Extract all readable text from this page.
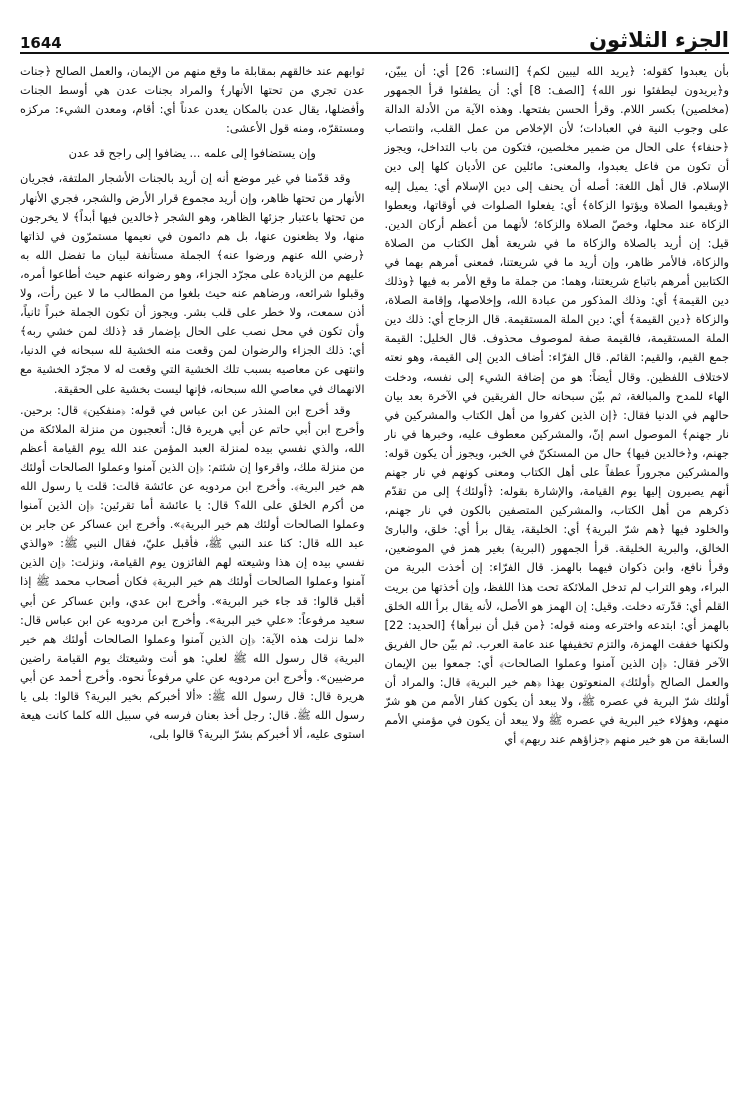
1644	الجزء الثلاثون

بأن يعبدوا كقوله: ﴿يريد الله ليبين لكم﴾ [النساء: 26] أي: أن يبيّن، و﴿يريدون ليطفئوا نور الله﴾ [الصف: 8] أي: أن يطفئوا قرأ الجمهور (مخلصين) بكسر اللام. وقرأ الحسن بفتحها. وهذه الآية من الأدلة الدالة على وجوب النية في العبادات؛ لأن الإخلاص من عمل القلب، وانتصاب ﴿حنفاء﴾ على الحال من ضمير مخلصين، فتكون من باب التداخل، ويجوز أن تكون من فاعل يعبدوا، والمعنى: مائلين عن الأديان كلها إلى دين الإسلام. قال أهل اللغة: أصله أن يحنف إلى دين الإسلام أي: يميل إليه ﴿ويقيموا الصلاة ويؤتوا الزكاة﴾ أي: يفعلوا الصلوات في أوقاتها، ويعطوا الزكاة عند محلها، وخصّ الصلاة والزكاة؛ لأنهما من أعظم أركان الدين. قيل: إن أريد بالصلاة والزكاة ما في شريعة أهل الكتاب من الصلاة والزكاة، فالأمر ظاهر، وإن أريد ما في شريعتنا، فمعنى أمرهم بهما في الكتابين أمرهم باتباع شريعتنا، وهما: من جملة ما وقع الأمر به فيها ﴿وذلك دين القيمة﴾ أي: وذلك المذكور من عبادة الله، وإخلاصها، وإقامة الصلاة، والزكاة ﴿دين القيمة﴾ أي: دين الملة المستقيمة. قال الزجاج أي: ذلك دين الملة المستقيمة، فالقيمة صفة لموصوف محذوف. قال الخليل: القيمة جمع القيم، والقيم: القائم. قال الفرّاء: أضاف الدين إلى القيمة، وهو نعته لاختلاف اللفظين. وقال أيضاً: هو من إضافة الشيء إلى نفسه، ودخلت الهاء للمدح والمبالغة، ثم بيّن سبحانه حال الفريقين في الآخرة بعد بيان حالهم في الدنيا فقال: ﴿إن الذين كفروا من أهل الكتاب والمشركين في نار جهنم﴾ الموصول اسم إنّ، والمشركين معطوف عليه، وخبرها في نار جهنم، و﴿خالدين فيها﴾ حال من المستكنّ في الخبر، ويجوز أن يكون قوله: والمشركين مجروراً عطفاً على أهل الكتاب ومعنى كونهم في نار جهنم أنهم يصيرون إليها يوم القيامة، والإشارة بقوله: ﴿أولئك﴾ إلى من تقدّم ذكرهم من أهل الكتاب، والمشركين المتصفين بالكون في نار جهنم، والخلود فيها ﴿هم شرّ البرية﴾ أي: الخليقة، يقال برأ أي: خلق، والبارئ الخالق، والبرية الخليقة. قرأ الجمهور (البرية) بغير همز في الموضعين، وقرأ نافع، وابن ذكوان فيهما بالهمز. قال الفرّاء: إن أخذت البرية من البراء، وهو التراب لم تدخل الملائكة تحت هذا اللفظ، وإن أخذتها من بريت القلم أي: قدّرته دخلت. وقيل: إن الهمز هو الأصل، لأنه يقال برأ الله الخلق بالهمز أي: ابتدعه واخترعه ومنه قوله: ﴿من قبل أن نبرأها﴾ [الحديد: 22] ولكنها خففت الهمزة، والتزم تخفيفها عند عامة العرب. ثم بيّن حال الفريق الآخر فقال: ﴿إن الذين آمنوا وعملوا الصالحات﴾ أي: جمعوا بين الإيمان والعمل الصالح ﴿أولئك﴾ المنعوتون بهذا ﴿هم خير البرية﴾ قال: والمراد أن أولئك شرّ البرية في عصره ﷺ، ولا يبعد أن يكون كفار الأمم من هو شرّ منهم، وهؤلاء خير البرية في عصره ﷺ ولا يبعد أن يكون في مؤمني الأمم السابقة من هو خير منهم ﴿جزاؤهم عند ربهم﴾ أي

ثوابهم عند خالقهم بمقابلة ما وقع منهم من الإيمان، والعمل الصالح ﴿جنات عدن تجري من تحتها الأنهار﴾ والمراد بجنات عدن هي أوسط الجنات وأفضلها، يقال عدن بالمكان يعدن عدناً أي: أقام، ومعدن الشيء: مركزه ومستقرّه، ومنه قول الأعشى:

وإن يستضافوا إلى علمه ... يضافوا إلى راجح قد عدن

وقد قدّمنا في غير موضع أنه إن أريد بالجنات الأشجار الملتفة، فجريان الأنهار من تحتها ظاهر، وإن أريد مجموع قرار الأرض والشجر، فجري الأنهار من تحتها باعتبار جزئها الظاهر، وهو الشجر ﴿خالدين فيها أبداً﴾ لا يخرجون منها، ولا يظعنون عنها، بل هم دائمون في نعيمها مستمرّون في لذاتها ﴿رضي الله عنهم ورضوا عنه﴾ الجملة مستأنفة لبيان ما تفضل الله به عليهم من الزيادة على مجرّد الجزاء، وهو رضوانه عنهم حيث أطاعوا أمره، وقبلوا شرائعه، ورضاهم عنه حيث بلغوا من المطالب ما لا عين رأت، ولا أذن سمعت، ولا خطر على قلب بشر. ويجوز أن تكون الجملة خبراً ثانياً، وأن تكون في محل نصب على الحال بإضمار قد ﴿ذلك لمن خشي ربه﴾ أي: ذلك الجزاء والرضوان لمن وقعت منه الخشية لله سبحانه في الدنيا، وانتهى عن معاصيه بسبب تلك الخشية التي وقعت له لا مجرّد الخشية مع الانهماك في معاصي الله سبحانه، فإنها ليست بخشية على الحقيقة.

وقد أخرج ابن المنذر عن ابن عباس في قوله: ﴿منفكين﴾ قال: برحين. وأخرج ابن أبي حاتم عن أبي هريرة قال: أتعجبون من منزلة الملائكة من الله، والذي نفسي بيده لمنزلة العبد المؤمن عند الله يوم القيامة أعظم من منزلة ملك، واقرءوا إن شئتم: ﴿إن الذين آمنوا وعملوا الصالحات أولئك هم خير البرية﴾. وأخرج ابن مردويه عن عائشة قالت: قلت يا رسول الله من أكرم الخلق على الله؟ قال: يا عائشة أما تقرئين: ﴿إن الذين آمنوا وعملوا الصالحات أولئك هم خير البرية﴾». وأخرج ابن عساكر عن جابر بن عبد الله قال: كنا عند النبي ﷺ، فأقبل عليّ، فقال النبي ﷺ: «والذي نفسي بيده إن هذا وشيعته لهم الفائزون يوم القيامة، ونزلت: ﴿إن الذين آمنوا وعملوا الصالحات أولئك هم خير البرية﴾ فكان أصحاب محمد ﷺ إذا أقبل قالوا: قد جاء خير البرية». وأخرج ابن عدي، وابن عساكر عن أبي سعيد مرفوعاً: «علي خير البرية». وأخرج ابن مردويه عن ابن عباس قال: «لما نزلت هذه الآية: ﴿إن الذين آمنوا وعملوا الصالحات أولئك هم خير البرية﴾ قال رسول الله ﷺ لعلي: هو أنت وشيعتك يوم القيامة راضين مرضيين». وأخرج ابن مردويه عن علي مرفوعاً نحوه. وأخرج أحمد عن أبي هريرة قال: قال رسول الله ﷺ: «ألا أخبركم بخير البرية؟ قالوا: بلى يا رسول الله ﷺ. قال: رجل أخذ بعنان فرسه في سبيل الله كلما كانت هيعة استوى عليه، ألا أخبركم بشرّ البرية؟ قالوا بلى،
